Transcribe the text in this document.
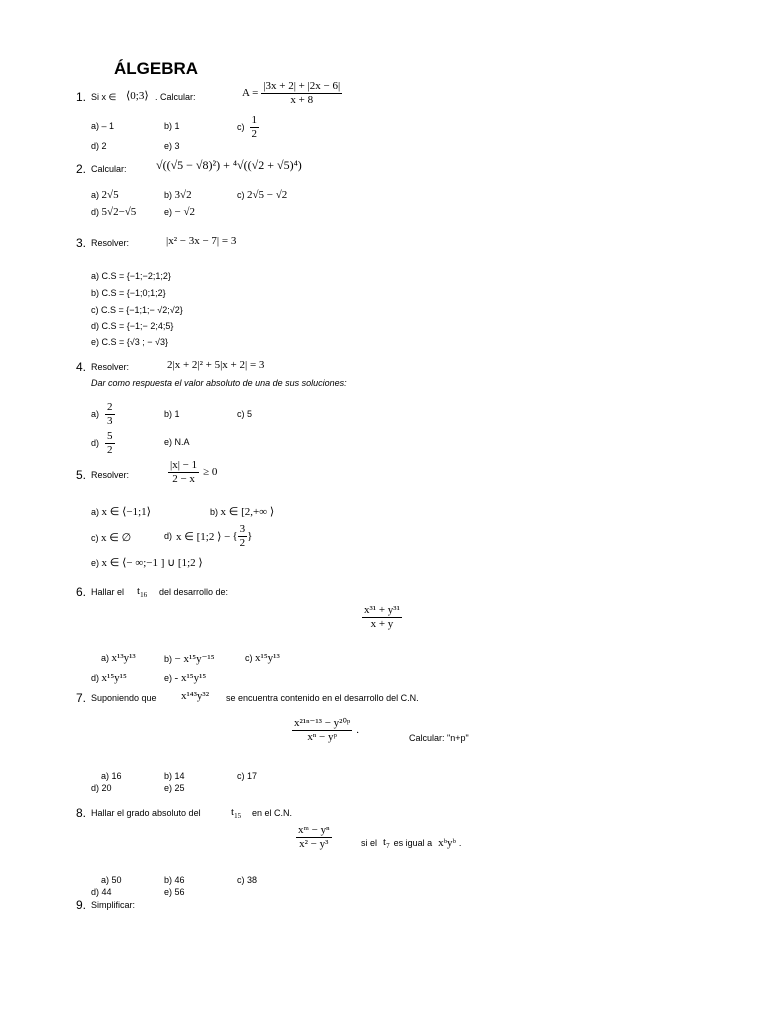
ÁLGEBRA
1. Si x ∈ ⟨0;3⟩ . Calcular:	$A = \frac{|3x + 2| + |2x - 6|}{x + 8}$
a) – 1	b) 1	$c) \frac{1}{2}$
d) 2	e) 3
2. Calcular: √((√5 − √8)²) + ⁴√((√2 + √5)⁴)
a) 2√5	b) 3√2	c) 2√5 − √2
d) 5√2−√5	e) − √2
3. Resolver:	|x² − 3x − 7| = 3
a) C.S = {−1;−2;1;2}
b) C.S = {−1;0;1;2}
c) C.S = {−1;1;− √2;√2}
d) C.S = {−1;− 2;4;5}
e) C.S = {√3 ; − √3}
4. Resolver:	2|x + 2|² + 5|x + 2| = 3
Dar como respuesta el valor absoluto de una de sus soluciones:
$a) \frac{2}{3}$	b) 1	c) 5
$d) \frac{5}{2}$	e) N.A
5. Resolver:	$\frac{|x| - 1}{2 - x} \ge 0$
a) x ∈ ⟨−1;1⟩	b) x ∈ [2,+∞ ⟩
c) x ∈ ∅	d) x ∈ [1;2 ⟩ − { $\frac{3}{2}$ }
e) x ∈ ⟨− ∞;−1 ] ∪ [1;2 ⟩
6. Hallar el $t_{16}$ del desarrollo de:
$\frac{\text{x³¹ + y³¹}}{x + y}$
a) x¹³y¹³	b) − x¹⁵y⁻¹⁵	c) x¹⁵y¹³
d) x¹⁵y¹⁵	e) - x¹⁵y¹⁵
7. Suponiendo que x¹⁴³y³² se encuentra contenido en el desarrollo del C.N.
$\frac{\text{x²¹ⁿ⁻¹³ − y²⁰ᵖ}}{\text{xⁿ − yᵖ}}$ .
Calcular: "n+p"
a) 16	b) 14	c) 17
d) 20	e) 25
8. Hallar el grado absoluto del	$t_{15}$ en el C.N.
$\frac{\text{xᵐ − yⁿ}}{\text{x² − y³}}$	si el $t_7$ es igual a xᵇyᵇ .
a) 50	b) 46	c) 38
d) 44	e) 56
9. Simplificar:
